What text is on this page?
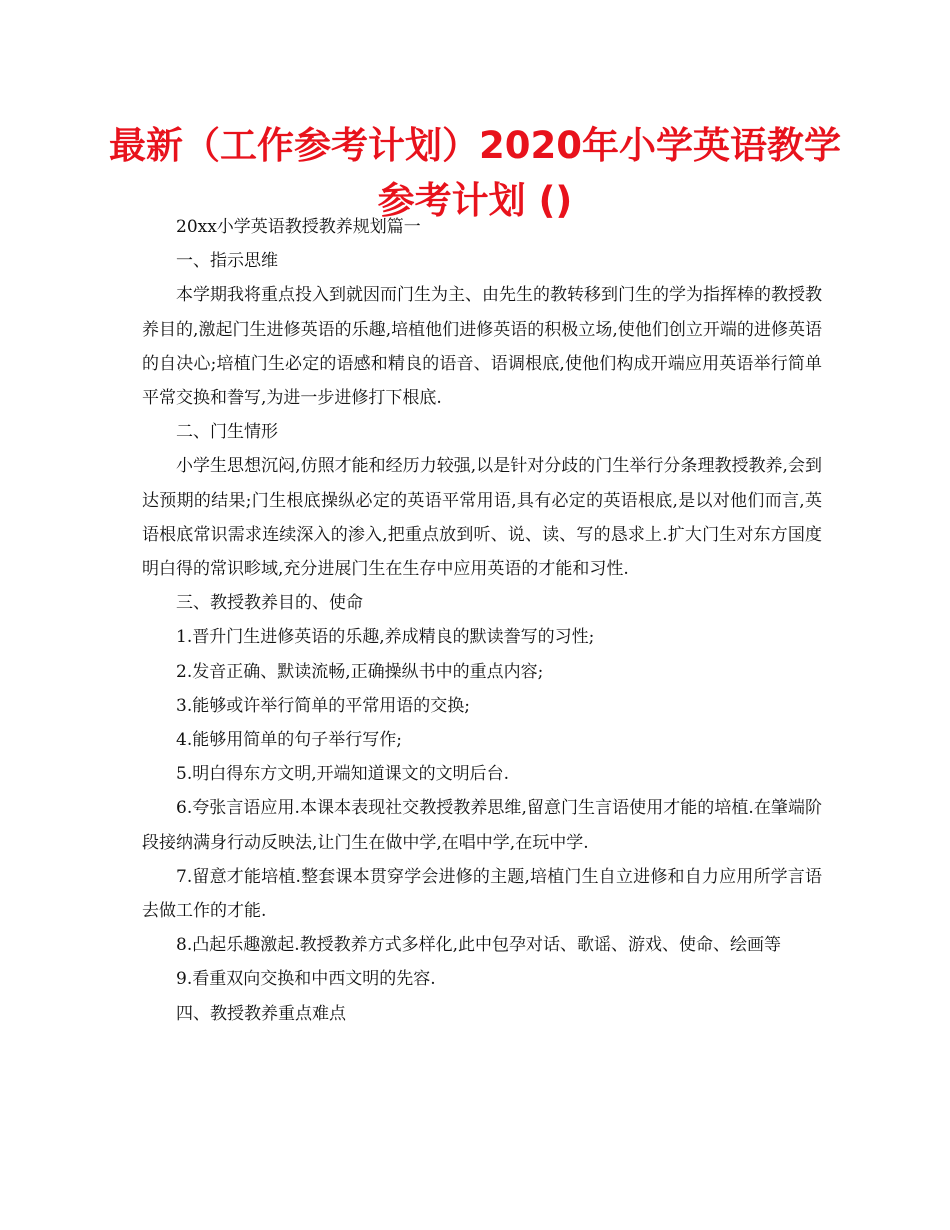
最新（工作参考计划）2020年小学英语教学参考计划 ()

20xx小学英语教授教养规划篇一

一、指示思维

本学期我将重点投入到就因而门生为主、由先生的教转移到门生的学为指挥棒的教授教养目的,激起门生进修英语的乐趣,培植他们进修英语的积极立场,使他们创立开端的进修英语的自决心;培植门生必定的语感和精良的语音、语调根底,使他们构成开端应用英语举行简单平常交换和誊写,为进一步进修打下根底.

二、门生情形

小学生思想沉闷,仿照才能和经历力较强,以是针对分歧的门生举行分条理教授教养,会到达预期的结果;门生根底操纵必定的英语平常用语,具有必定的英语根底,是以对他们而言,英语根底常识需求连续深入的渗入,把重点放到听、说、读、写的恳求上.扩大门生对东方国度明白得的常识畛域,充分进展门生在生存中应用英语的才能和习性.

三、教授教养目的、使命

1.晋升门生进修英语的乐趣,养成精良的默读誊写的习性;

2.发音正确、默读流畅,正确操纵书中的重点内容;

3.能够或许举行简单的平常用语的交换;

4.能够用简单的句子举行写作;

5.明白得东方文明,开端知道课文的文明后台.

6.夸张言语应用.本课本表现社交教授教养思维,留意门生言语使用才能的培植.在肇端阶段接纳满身行动反映法,让门生在做中学,在唱中学,在玩中学.

7.留意才能培植.整套课本贯穿学会进修的主题,培植门生自立进修和自力应用所学言语去做工作的才能.

8.凸起乐趣激起.教授教养方式多样化,此中包孕对话、歌谣、游戏、使命、绘画等

9.看重双向交换和中西文明的先容.

四、教授教养重点难点
